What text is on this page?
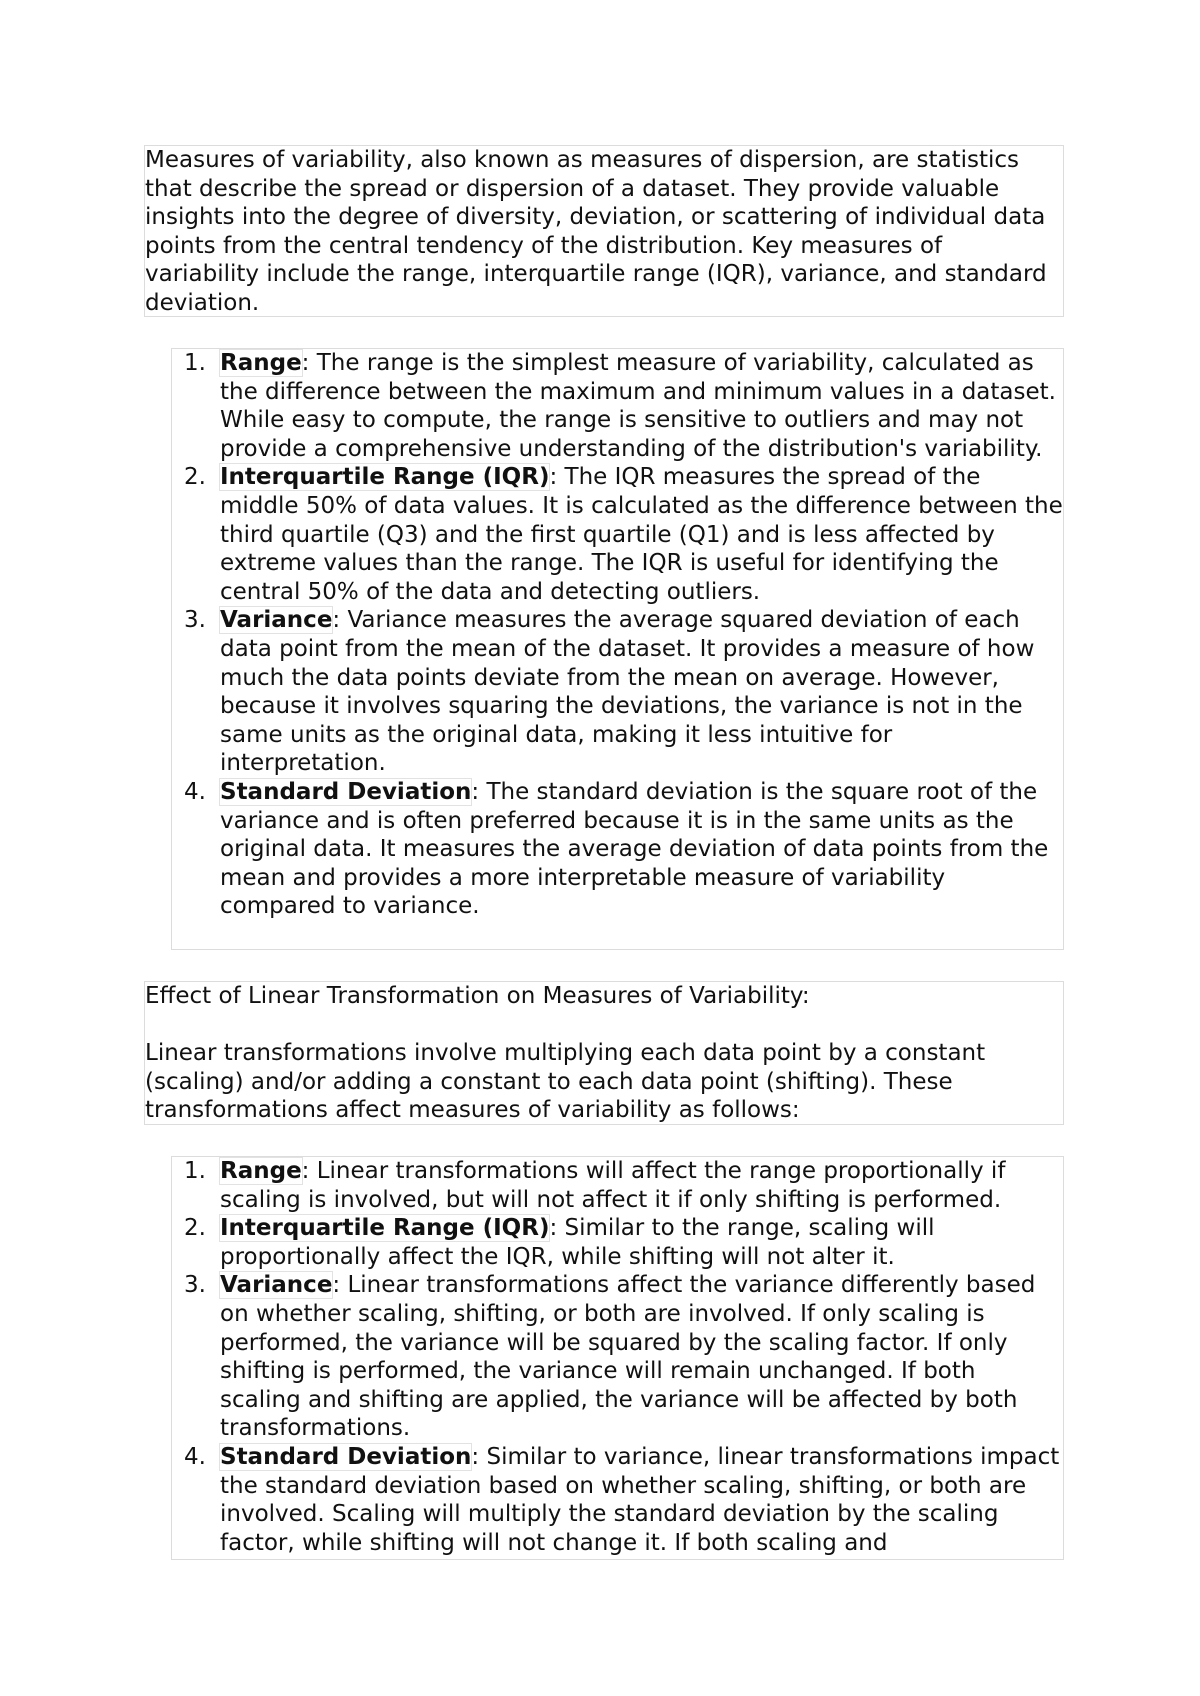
Measures of variability, also known as measures of dispersion, are statistics that describe the spread or dispersion of a dataset. They provide valuable insights into the degree of diversity, deviation, or scattering of individual data points from the central tendency of the distribution. Key measures of variability include the range, interquartile range (IQR), variance, and standard deviation.

1. Range: The range is the simplest measure of variability, calculated as the difference between the maximum and minimum values in a dataset. While easy to compute, the range is sensitive to outliers and may not provide a comprehensive understanding of the distribution's variability.
2. Interquartile Range (IQR): The IQR measures the spread of the middle 50% of data values. It is calculated as the difference between the third quartile (Q3) and the first quartile (Q1) and is less affected by extreme values than the range. The IQR is useful for identifying the central 50% of the data and detecting outliers.
3. Variance: Variance measures the average squared deviation of each data point from the mean of the dataset. It provides a measure of how much the data points deviate from the mean on average. However, because it involves squaring the deviations, the variance is not in the same units as the original data, making it less intuitive for interpretation.
4. Standard Deviation: The standard deviation is the square root of the variance and is often preferred because it is in the same units as the original data. It measures the average deviation of data points from the mean and provides a more interpretable measure of variability compared to variance.

Effect of Linear Transformation on Measures of Variability:

Linear transformations involve multiplying each data point by a constant (scaling) and/or adding a constant to each data point (shifting). These transformations affect measures of variability as follows:

1. Range: Linear transformations will affect the range proportionally if scaling is involved, but will not affect it if only shifting is performed.
2. Interquartile Range (IQR): Similar to the range, scaling will proportionally affect the IQR, while shifting will not alter it.
3. Variance: Linear transformations affect the variance differently based on whether scaling, shifting, or both are involved. If only scaling is performed, the variance will be squared by the scaling factor. If only shifting is performed, the variance will remain unchanged. If both scaling and shifting are applied, the variance will be affected by both transformations.
4. Standard Deviation: Similar to variance, linear transformations impact the standard deviation based on whether scaling, shifting, or both are involved. Scaling will multiply the standard deviation by the scaling factor, while shifting will not change it. If both scaling and
